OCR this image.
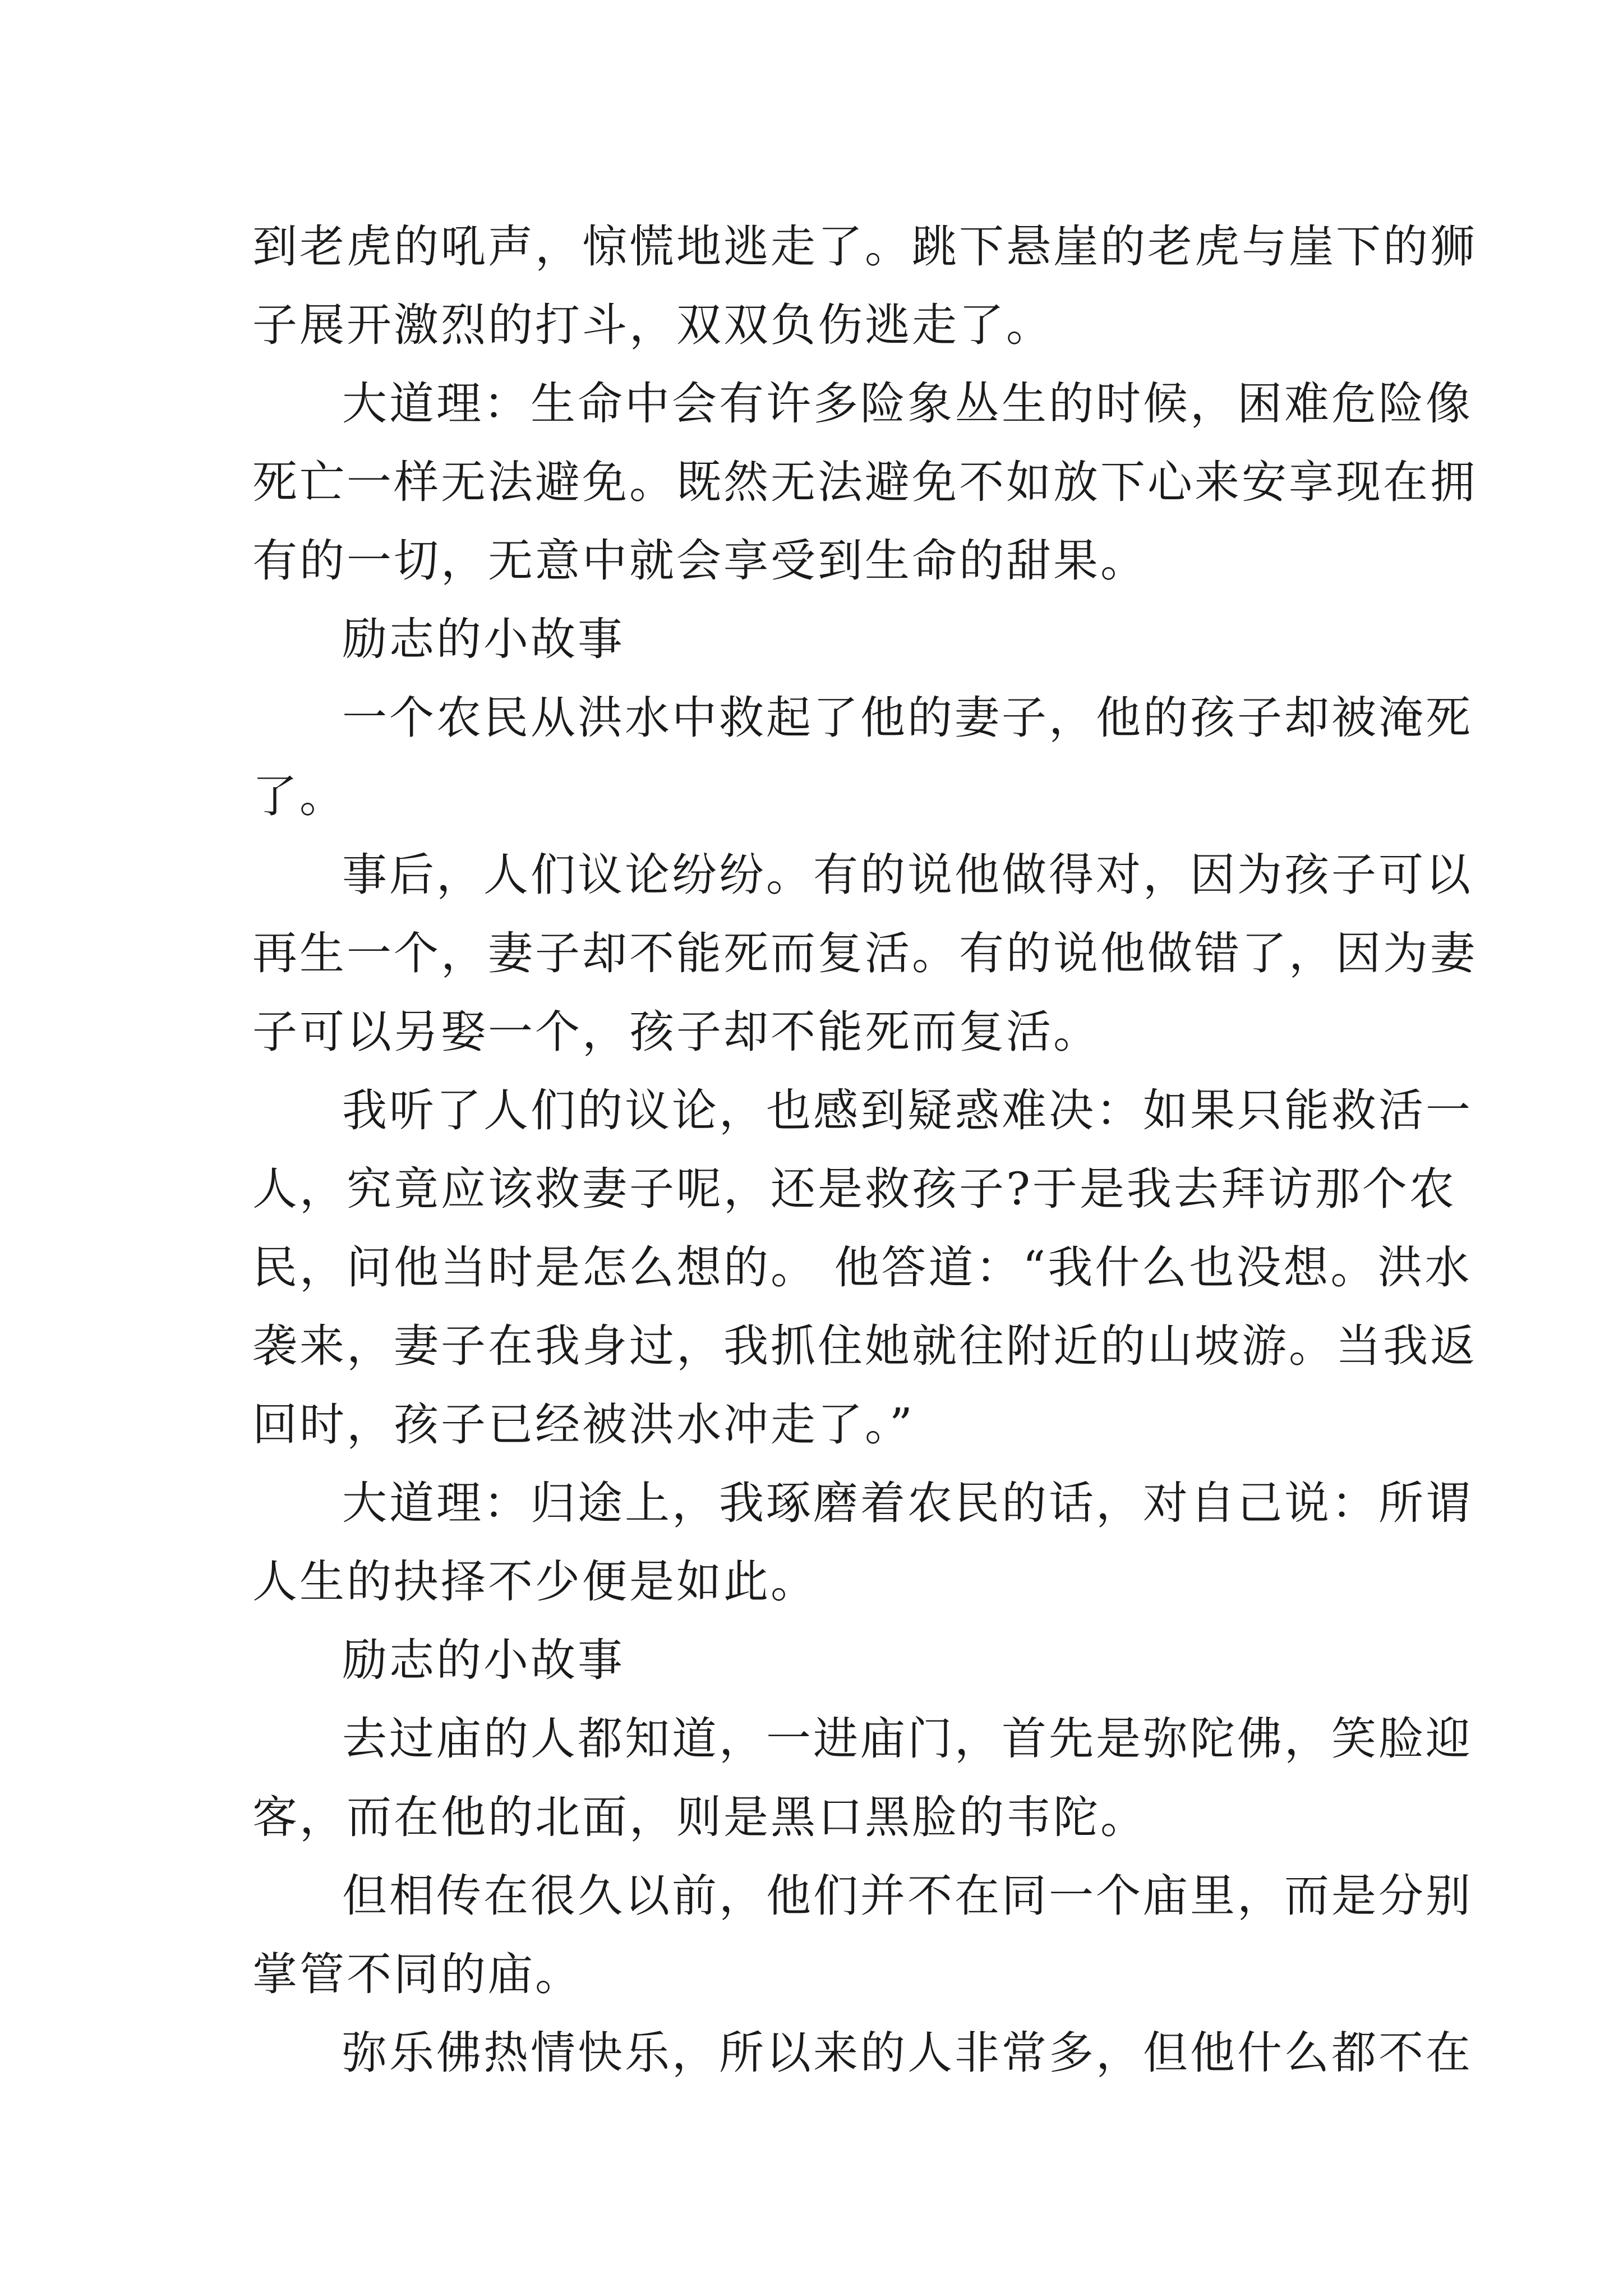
到老虎的吼声，惊慌地逃走了。跳下悬崖的老虎与崖下的狮
子展开激烈的打斗，双双负伤逃走了。
大道理：生命中会有许多险象丛生的时候，困难危险像
死亡一样无法避免。既然无法避免不如放下心来安享现在拥
有的一切，无意中就会享受到生命的甜果。
励志的小故事
一个农民从洪水中救起了他的妻子，他的孩子却被淹死
了。
事后，人们议论纷纷。有的说他做得对，因为孩子可以
再生一个，妻子却不能死而复活。有的说他做错了，因为妻
子可以另娶一个，孩子却不能死而复活。
我听了人们的议论，也感到疑惑难决：如果只能救活一
人，究竟应该救妻子呢，还是救孩子?于是我去拜访那个农
民，问他当时是怎么想的。 他答道：“我什么也没想。洪水
袭来，妻子在我身过，我抓住她就往附近的山坡游。当我返
回时，孩子已经被洪水冲走了。”
大道理：归途上，我琢磨着农民的话，对自己说：所谓
人生的抉择不少便是如此。
励志的小故事
去过庙的人都知道，一进庙门，首先是弥陀佛，笑脸迎
客，而在他的北面，则是黑口黑脸的韦陀。
但相传在很久以前，他们并不在同一个庙里，而是分别
掌管不同的庙。
弥乐佛热情快乐，所以来的人非常多，但他什么都不在
